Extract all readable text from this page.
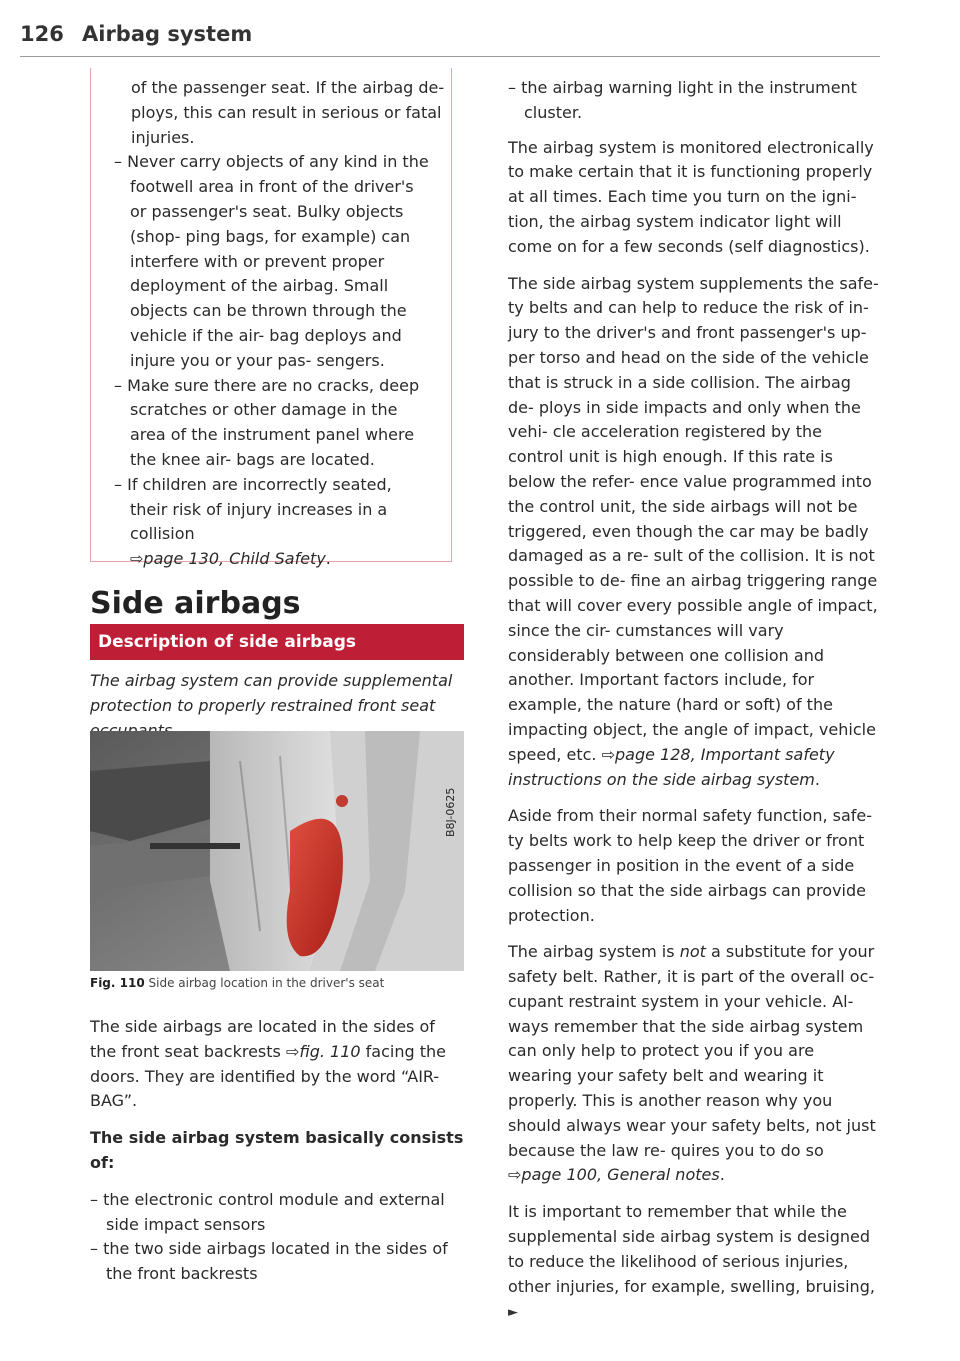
126 Airbag system
of the passenger seat. If the airbag de-
ploys, this can result in serious or fatal
injuries.
– Never carry objects of any kind in the footwell area in front of the driver's or passenger's seat. Bulky objects (shop- ping bags, for example) can interfere with or prevent proper deployment of the airbag. Small objects can be thrown through the vehicle if the air- bag deploys and injure you or your pas- sengers.
– Make sure there are no cracks, deep scratches or other damage in the area of the instrument panel where the knee air- bags are located.
– If children are incorrectly seated, their risk of injury increases in a collision
⇨page 130, Child Safety.
Side airbags
Description of side airbags
The airbag system can provide supplemental protection to properly restrained front seat
B8J-0625
Fig. 110 Side airbag location in the driver's seat

The side airbags are located in the sides of the front seat backrests ⇨fig. 110 facing the doors. They are identified by the word “AIR- BAG”.

The side airbag system basically consists of:

– the electronic control module and external side impact sensors
– the two side airbags located in the sides of the front backrests
– the airbag warning light in the instrument cluster.

The airbag system is monitored electronically to make certain that it is functioning properly at all times. Each time you turn on the igni- tion, the airbag system indicator light will come on for a few seconds (self diagnostics).

The side airbag system supplements the safe- ty belts and can help to reduce the risk of in- jury to the driver's and front passenger's up- per torso and head on the side of the vehicle that is struck in a side collision. The airbag de- ploys in side impacts and only when the vehi- cle acceleration registered by the control unit is high enough. If this rate is below the refer- ence value programmed into the control unit, the side airbags will not be triggered, even though the car may be badly damaged as a re- sult of the collision. It is not possible to de- fine an airbag triggering range that will cover every possible angle of impact, since the cir- cumstances will vary considerably between one collision and another. Important factors include, for example, the nature (hard or soft) of the impacting object, the angle of impact, vehicle speed, etc. ⇨page 128, Important safety instructions on the side airbag system.

Aside from their normal safety function, safe- ty belts work to help keep the driver or front passenger in position in the event of a side collision so that the side airbags can provide protection.

The airbag system is not a substitute for your safety belt. Rather, it is part of the overall oc- cupant restraint system in your vehicle. Al- ways remember that the side airbag system can only help to protect you if you are wearing your safety belt and wearing it properly. This is another reason why you should always wear your safety belts, not just because the law re- quires you to do so ⇨page 100, General notes.

It is important to remember that while the supplemental side airbag system is designed to reduce the likelihood of serious injuries, other injuries, for example, swelling, bruising, ►
